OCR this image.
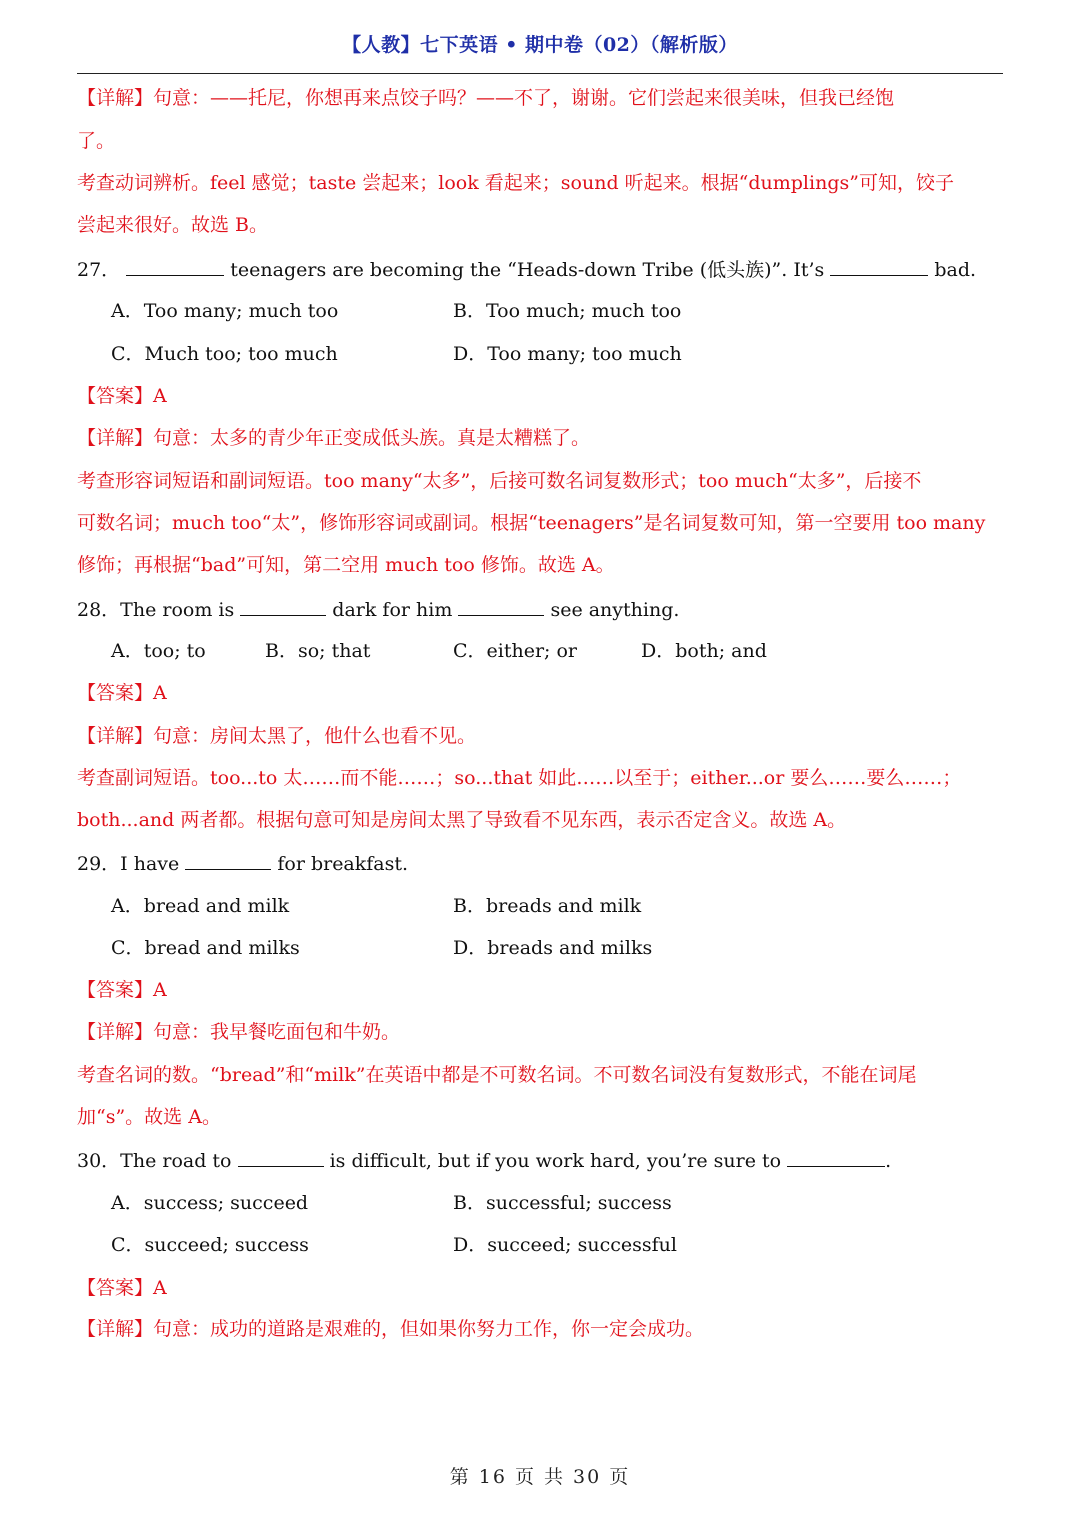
【人教】七下英语 • 期中卷（02）（解析版）
【详解】句意：——托尼，你想再来点饺子吗？——不了，谢谢。它们尝起来很美味，但我已经饱
了。
考查动词辨析。feel 感觉；taste 尝起来；look 看起来；sound 听起来。根据“dumplings”可知，饺子
尝起来很好。故选 B。
27．	teenagers are becoming the “Heads-down Tribe (低头族)”. It’s	bad.
A．Too many; much too	B．Too much; much too
C．Much too; too much	D．Too many; too much
【答案】A
【详解】句意：太多的青少年正变成低头族。真是太糟糕了。
考查形容词短语和副词短语。too many“太多”，后接可数名词复数形式；too much“太多”，后接不
可数名词；much too“太”，修饰形容词或副词。根据“teenagers”是名词复数可知，第一空要用 too many
修饰；再根据“bad”可知，第二空用 much too 修饰。故选 A。
28．The room is	dark for him	see anything.
A．too; to	B．so; that	C．either; or	D．both; and
【答案】A
【详解】句意：房间太黑了，他什么也看不见。
考查副词短语。too...to 太……而不能……；so...that 如此……以至于；either...or 要么……要么……；
both...and 两者都。根据句意可知是房间太黑了导致看不见东西，表示否定含义。故选 A。
29．I have	for breakfast.
A．bread and milk	B．breads and milk
C．bread and milks	D．breads and milks
【答案】A
【详解】句意：我早餐吃面包和牛奶。
考查名词的数。“bread”和“milk”在英语中都是不可数名词。不可数名词没有复数形式，不能在词尾
加“s”。故选 A。
30．The road to	is difficult, but if you work hard, you’re sure to	.
A．success; succeed	B．successful; success
C．succeed; success	D．succeed; successful
【答案】A
【详解】句意：成功的道路是艰难的，但如果你努力工作，你一定会成功。
第 16 页 共 30 页
